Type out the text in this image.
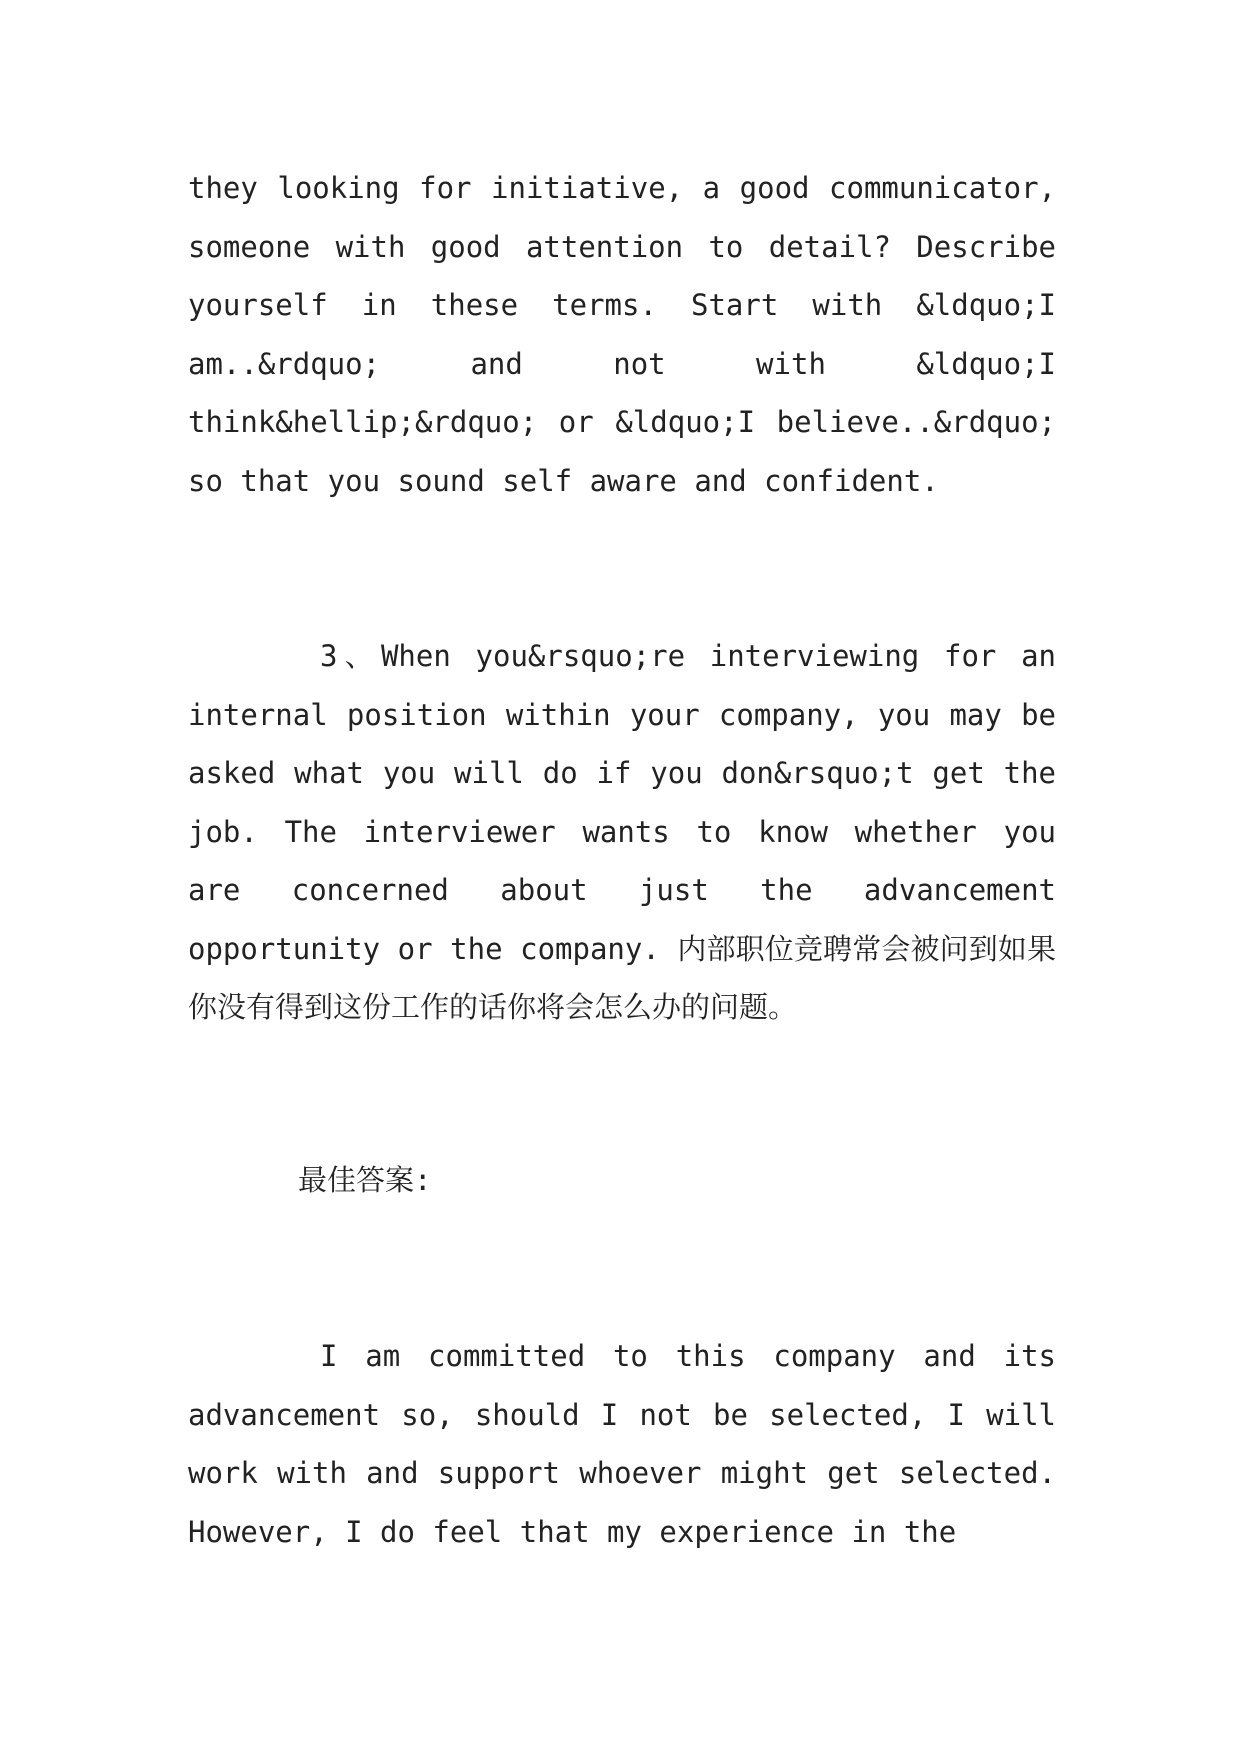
they looking for initiative, a good communicator, someone with good attention to detail? Describe yourself in these terms. Start with &ldquo;I am..&rdquo; and not with &ldquo;I think&hellip;&rdquo; or &ldquo;I believe..&rdquo; so that you sound self aware and confident.

3、When you&rsquo;re interviewing for an internal position within your company, you may be asked what you will do if you don&rsquo;t get the job. The interviewer wants to know whether you are concerned about just the advancement opportunity or the company. 内部职位竞聘常会被问到如果你没有得到这份工作的话你将会怎么办的问题。

最佳答案:

I am committed to this company and its advancement so, should I not be selected, I will work with and support whoever might get selected. However, I do feel that my experience in the
